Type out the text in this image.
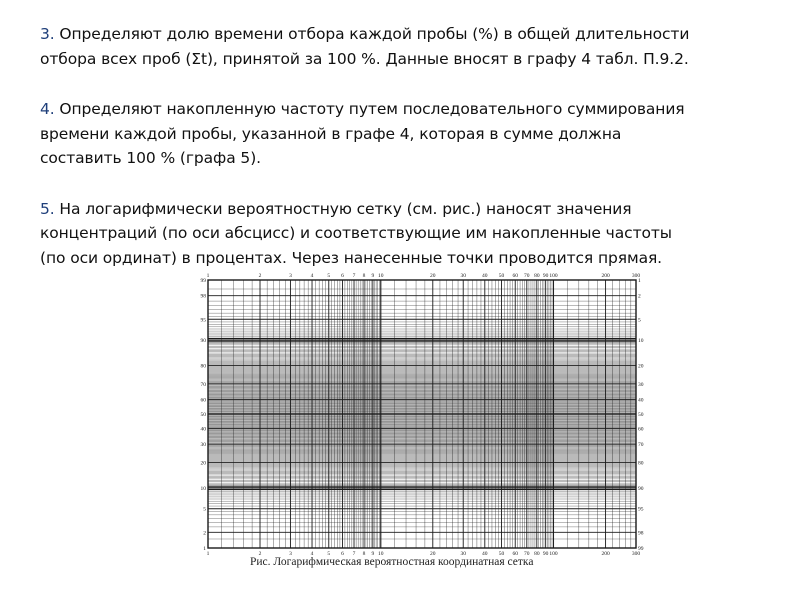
3. Определяют долю времени отбора каждой пробы (%) в общей длительности
отбора всех проб (Σt), принятой за 100 %. Данные вносят в графу 4 табл. П.9.2.

4. Определяют накопленную частоту путем последовательного суммирования
времени каждой пробы, указанной в графе 4, которая в сумме должна
составить 100 % (графа 5).

5. На логарифмически вероятностную сетку (см. рис.) наносят значения
концентраций (по оси абсцисс) и соответствующие им накопленные частоты
(по оси ординат) в процентах. Через нанесенные точки проводится прямая.

1
1
2
2
3
3
4
4
5
5
6
6
7
7
8
8
9
9
10
10
20
20
30
30
40
40
50
50
60
60
70
70
80
80
90
90
100
100
200
200
300
300
99
98
95
90
80
70
60
50
40
30
20
10
5
2
1
1
2
5
10
20
30
40
50
60
70
80
90
95
98
99
Рис. Логарифмическая вероятностная координатная сетка
